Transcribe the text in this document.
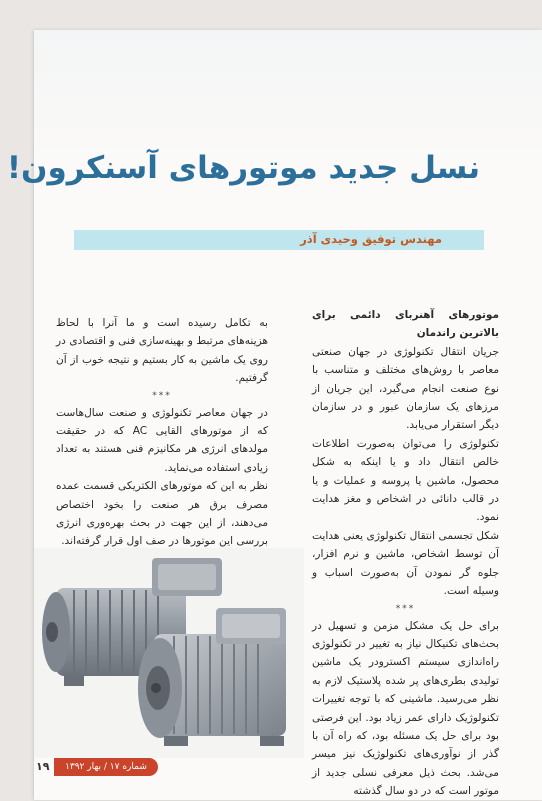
نسل جدید موتورهای آسنکرون!
مهندس توفیق وحیدی آذر

موتورهای آهنربای دائمی برای بالاترین راندمان

جریان انتقال تکنولوژی در جهان صنعتی معاصر با روش‌های مختلف و متناسب با نوع صنعت انجام می‌گیرد، این جریان از مرزهای یک سازمان عبور و در سازمان دیگر استقرار می‌یابد.

تکنولوژی را می‌توان به‌صورت اطلاعات خالص انتقال داد و یا اینکه به شکل محصول، ماشین یا پروسه و عملیات و یا در قالب دانائی در اشخاص و مغز هدایت نمود.

شکل تجسمی انتقال تکنولوژی یعنی هدایت آن توسط اشخاص، ماشین و نرم افزار، جلوه گر نمودن آن به‌صورت اسباب و وسیله است.

***

برای حل یک مشکل مزمن و تسهیل در بحث‌های تکنیکال نیاز به تغییر در تکنولوژی راه‌اندازی سیستم اکسترودر یک ماشین تولیدی بطری‌های پر شده پلاستیک لازم به نظر می‌رسید. ماشینی که با توجه تغییرات تکنولوژیک دارای عمر زیاد بود. این فرصتی بود برای حل یک مسئله بود، که راه آن با گذر از نوآوری‌های تکنولوژیک نیز میسر می‌شد. بحث ذیل معرفی نسلی جدید از موتور است که در دو سال گذشته

به تکامل رسیده است و ما آنرا با لحاظ هزینه‌های مرتبط و بهینه‌سازی فنی و اقتصادی در روی یک ماشین به کار بستیم و نتیجه خوب از آن گرفتیم.

***

در جهان معاصر تکنولوژی و صنعت سال‌هاست که از موتورهای القایی AC که در حقیقت مولدهای انرژی هر مکانیزم فنی هستند به تعداد زیادی استفاده می‌نماید.

نظر به این که موتورهای الکتریکی قسمت عمده مصرف برق هر صنعت را بخود اختصاص می‌دهند، از این جهت در بحث بهره‌وری انرژی بررسی این موتورها در صف اول قرار گرفته‌اند.

۱۹	شماره ۱۷ / بهار ۱۳۹۲
